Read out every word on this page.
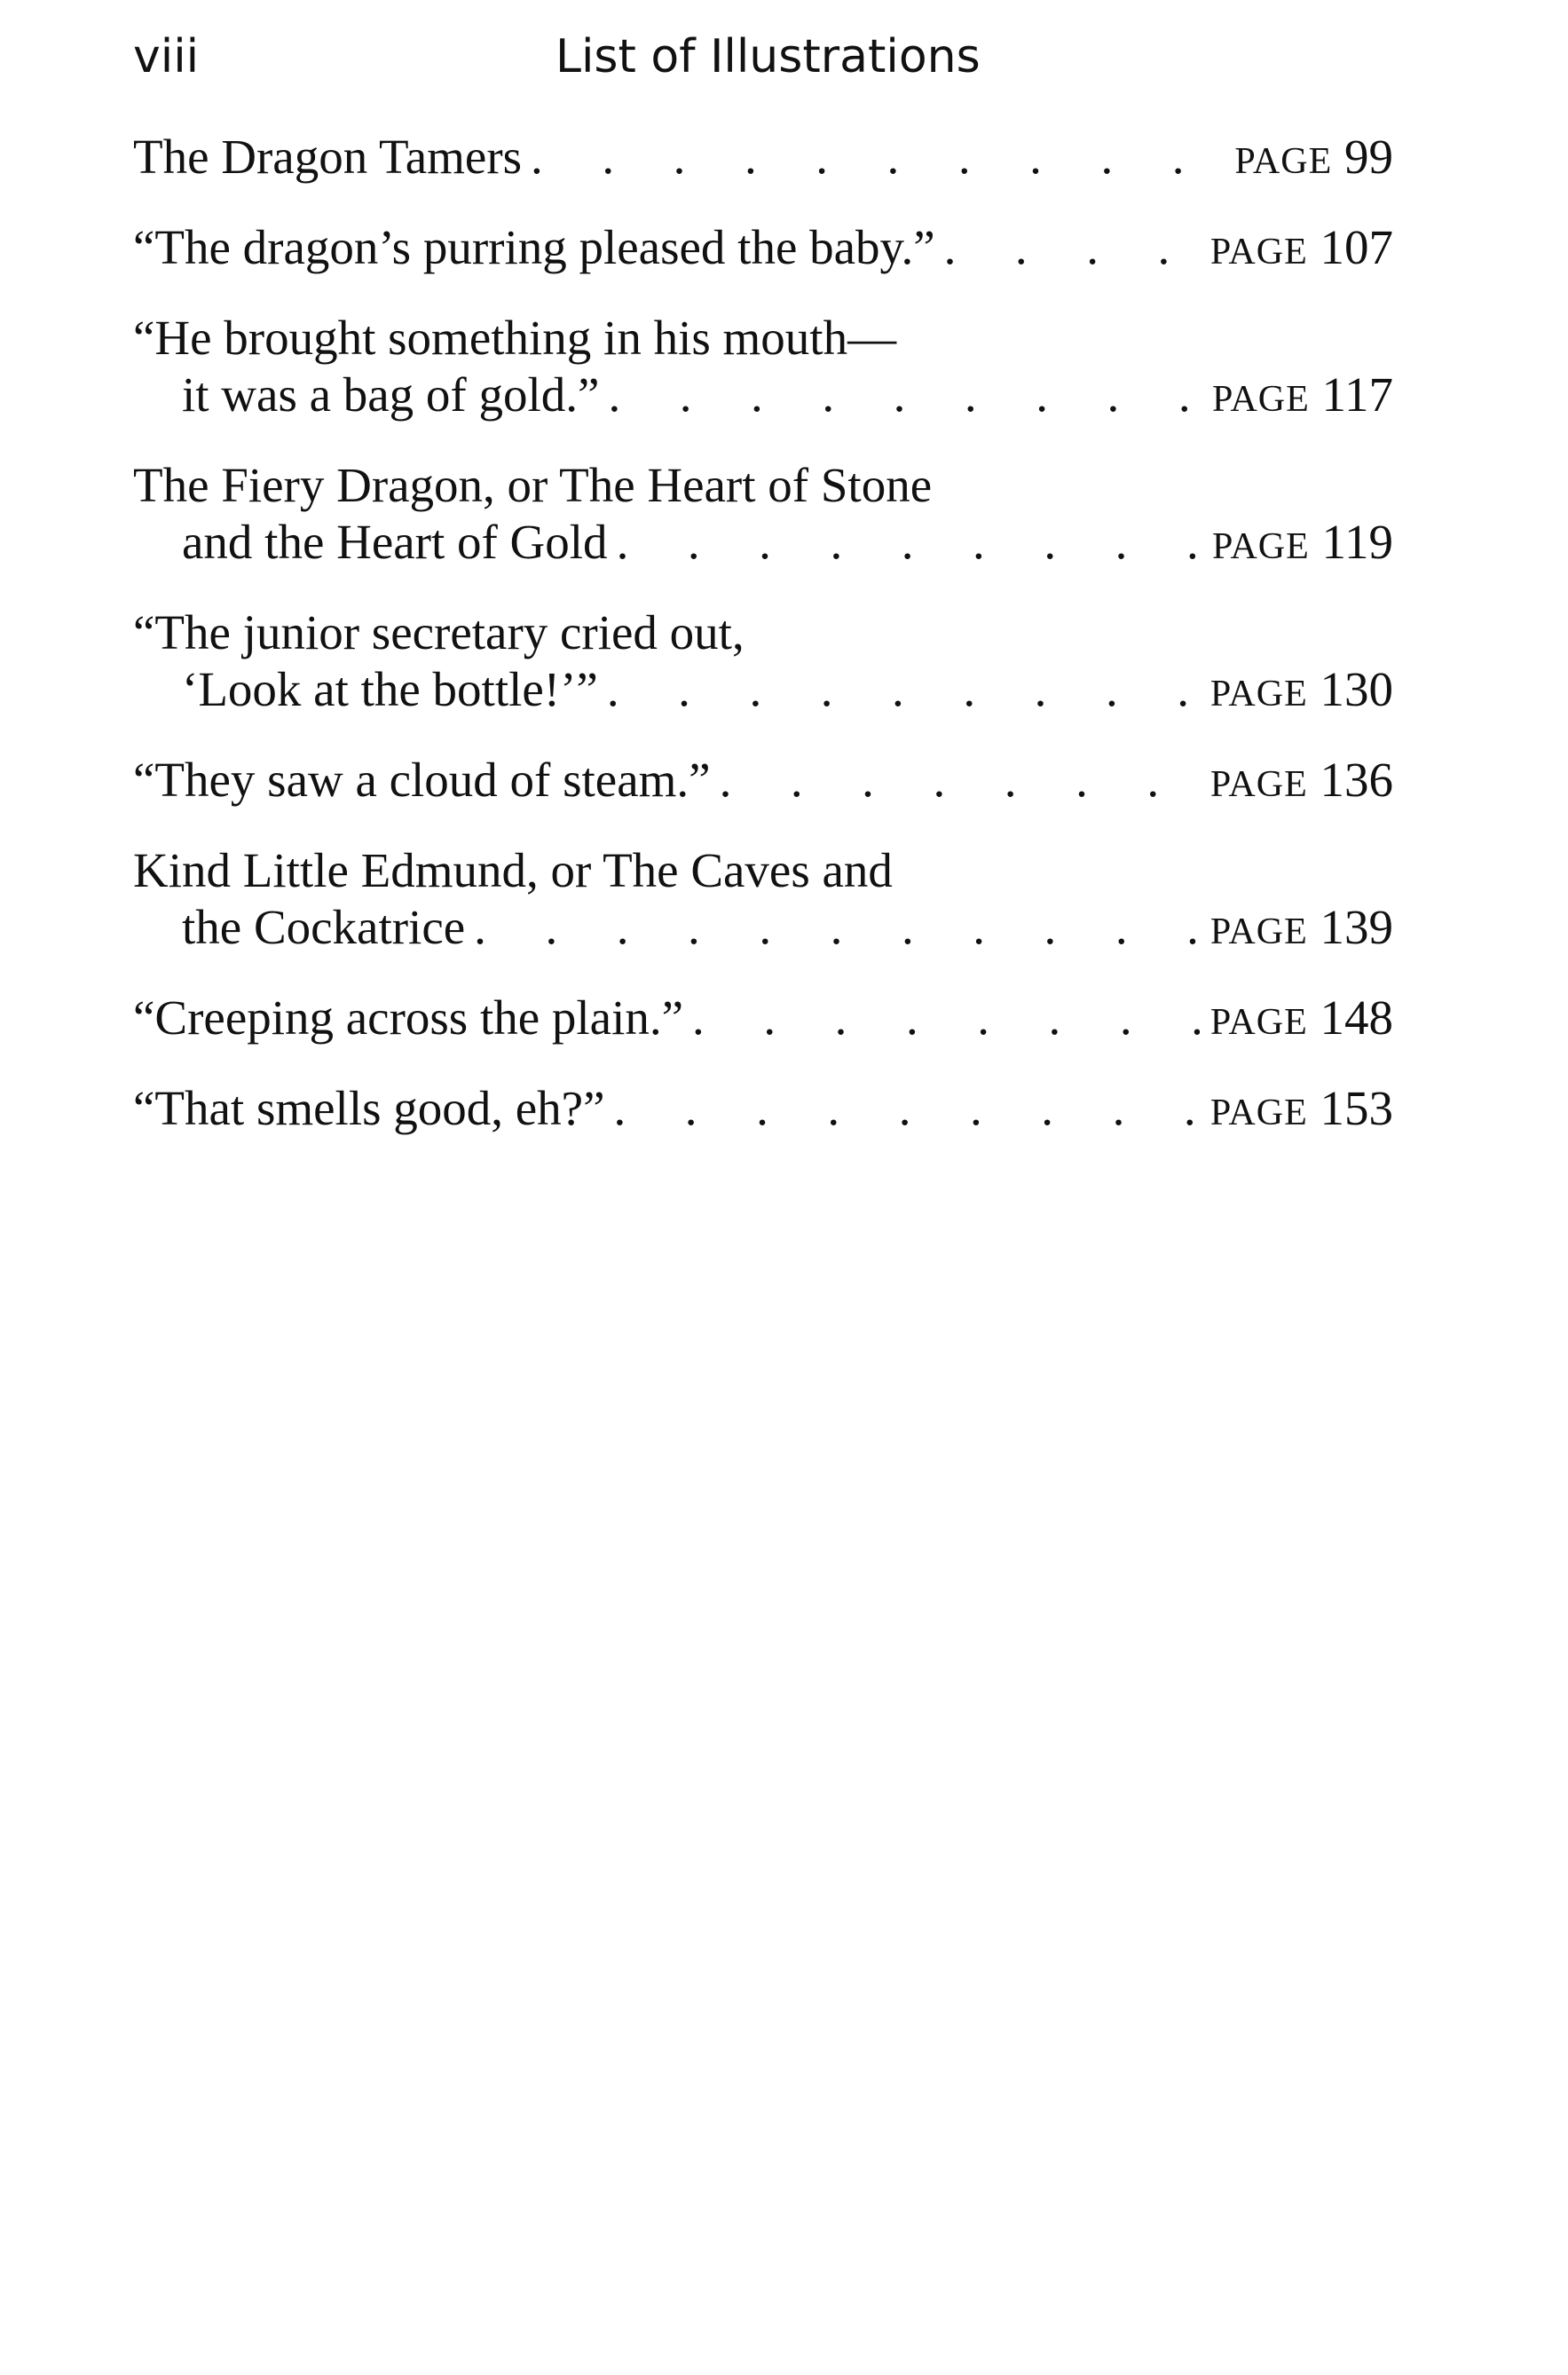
viii	List of Illustrations
The Dragon Tamers . . .	PAGE 99
“The dragon’s purring pleased the baby.” . . .	PAGE 107
“He brought something in his mouth—
it was a bag of gold.” . . .	PAGE 117
The Fiery Dragon, or The Heart of Stone
and the Heart of Gold . . .	PAGE 119
“The junior secretary cried out,
‘Look at the bottle!’” . . .	PAGE 130
“They saw a cloud of steam.” . . .	PAGE 136
Kind Little Edmund, or The Caves and
the Cockatrice . . .	PAGE 139
“Creeping across the plain.” . . .	PAGE 148
“That smells good, eh?” . . .	PAGE 153
